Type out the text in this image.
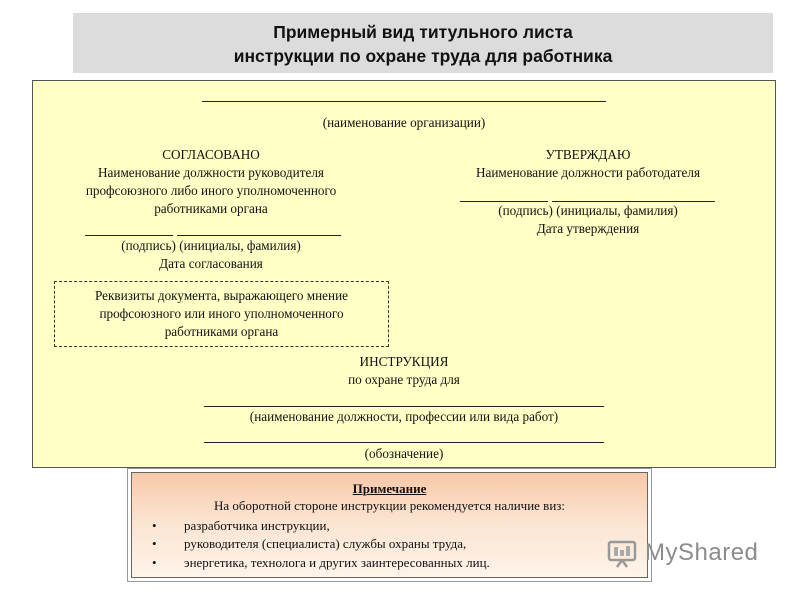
Примерный вид титульного листа
инструкции по охране труда для работника
(наименование организации)
СОГЛАСОВАНО
Наименование должности руководителя
профсоюзного либо иного уполномоченного
работниками органа
(подпись) (инициалы, фамилия)
Дата согласования
УТВЕРЖДАЮ
Наименование должности работодателя
(подпись) (инициалы, фамилия)
Дата утверждения
Реквизиты документа, выражающего мнение
профсоюзного или иного уполномоченного
работниками органа
ИНСТРУКЦИЯ
по охране труда для
(наименование должности, профессии или вида работ)
(обозначение)
Примечание
На оборотной стороне инструкции рекомендуется наличие виз:
• разработчика инструкции,
• руководителя (специалиста) службы охраны труда,
• энергетика, технолога и других заинтересованных лиц.	MyShared
